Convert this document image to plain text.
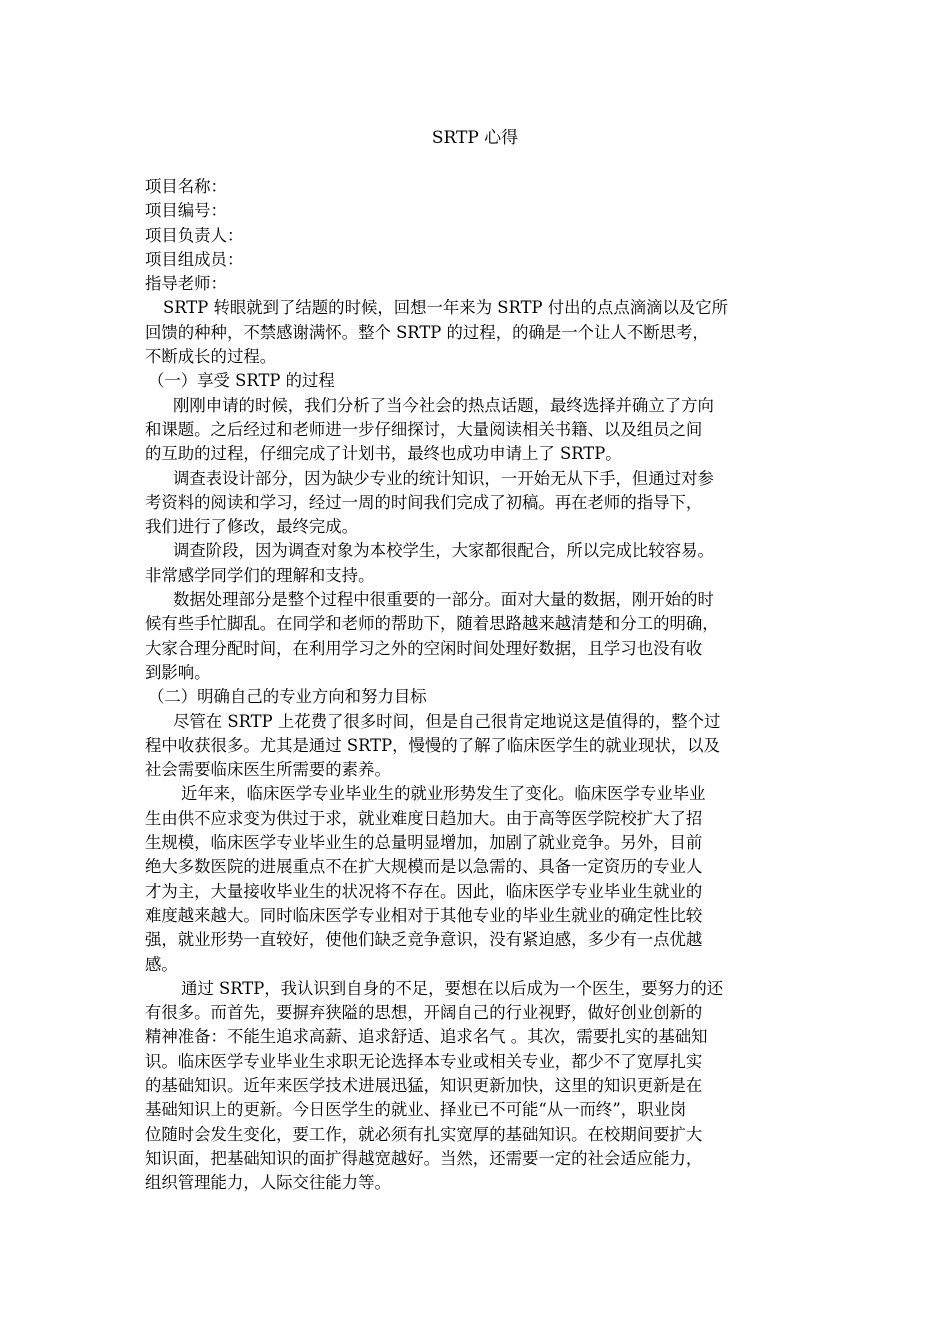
SRTP 心得
项目名称：
项目编号：
项目负责人：
项目组成员：
指导老师：
SRTP 转眼就到了结题的时候，回想一年来为 SRTP 付出的点点滴滴以及它所
回馈的种种，不禁感谢满怀。整个 SRTP 的过程，的确是一个让人不断思考，
不断成长的过程。
（一）享受 SRTP 的过程
刚刚申请的时候，我们分析了当今社会的热点话题，最终选择并确立了方向
和课题。之后经过和老师进一步仔细探讨，大量阅读相关书籍、以及组员之间
的互助的过程，仔细完成了计划书，最终也成功申请上了 SRTP。
调查表设计部分，因为缺少专业的统计知识，一开始无从下手，但通过对参
考资料的阅读和学习，经过一周的时间我们完成了初稿。再在老师的指导下，
我们进行了修改，最终完成。
调查阶段，因为调查对象为本校学生，大家都很配合，所以完成比较容易。
非常感学同学们的理解和支持。
数据处理部分是整个过程中很重要的一部分。面对大量的数据，刚开始的时
候有些手忙脚乱。在同学和老师的帮助下，随着思路越来越清楚和分工的明确，
大家合理分配时间，在利用学习之外的空闲时间处理好数据，且学习也没有收
到影响。
（二）明确自己的专业方向和努力目标
尽管在 SRTP 上花费了很多时间，但是自己很肯定地说这是值得的，整个过
程中收获很多。尤其是通过 SRTP，慢慢的了解了临床医学生的就业现状，以及
社会需要临床医生所需要的素养。
近年来，临床医学专业毕业生的就业形势发生了变化。临床医学专业毕业
生由供不应求变为供过于求，就业难度日趋加大。由于高等医学院校扩大了招
生规模，临床医学专业毕业生的总量明显增加，加剧了就业竞争。另外，目前
绝大多数医院的进展重点不在扩大规模而是以急需的、具备一定资历的专业人
才为主，大量接收毕业生的状况将不存在。因此，临床医学专业毕业生就业的
难度越来越大。同时临床医学专业相对于其他专业的毕业生就业的确定性比较
强，就业形势一直较好，使他们缺乏竞争意识，没有紧迫感，多少有一点优越
感。
通过 SRTP，我认识到自身的不足，要想在以后成为一个医生，要努力的还
有很多。而首先，要摒弃狭隘的思想，开阔自己的行业视野，做好创业创新的
精神准备：不能生追求高薪、追求舒适、追求名气 。其次，需要扎实的基础知
识。临床医学专业毕业生求职无论选择本专业或相关专业，都少不了宽厚扎实
的基础知识。近年来医学技术进展迅猛，知识更新加快，这里的知识更新是在
基础知识上的更新。今日医学生的就业、择业已不可能“从一而终”，职业岗
位随时会发生变化，要工作，就必须有扎实宽厚的基础知识。在校期间要扩大
知识面，把基础知识的面扩得越宽越好。当然，还需要一定的社会适应能力，
组织管理能力，人际交往能力等。
